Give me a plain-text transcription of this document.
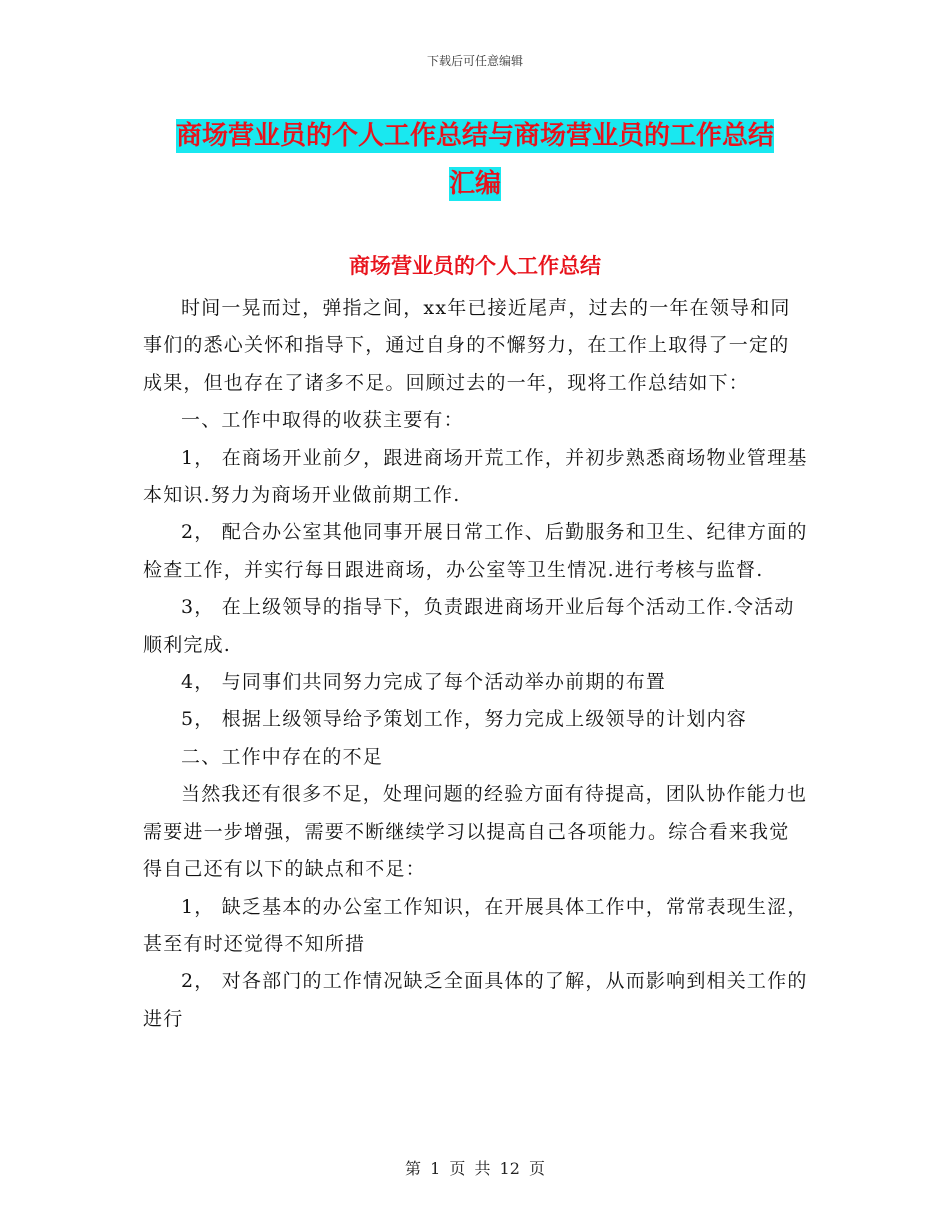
下载后可任意编辑
商场营业员的个人工作总结与商场营业员的工作总结
汇编
商场营业员的个人工作总结

时间一晃而过，弹指之间，xx年已接近尾声，过去的一年在领导和同事们的悉心关怀和指导下，通过自身的不懈努力，在工作上取得了一定的成果，但也存在了诸多不足。回顾过去的一年，现将工作总结如下：

一、工作中取得的收获主要有：

1， 在商场开业前夕，跟进商场开荒工作，并初步熟悉商场物业管理基本知识.努力为商场开业做前期工作.

2， 配合办公室其他同事开展日常工作、后勤服务和卫生、纪律方面的检查工作，并实行每日跟进商场，办公室等卫生情况.进行考核与监督.

3， 在上级领导的指导下，负责跟进商场开业后每个活动工作.令活动顺利完成.

4， 与同事们共同努力完成了每个活动举办前期的布置

5， 根据上级领导给予策划工作，努力完成上级领导的计划内容

二、工作中存在的不足

当然我还有很多不足，处理问题的经验方面有待提高，团队协作能力也需要进一步增强，需要不断继续学习以提高自己各项能力。综合看来我觉得自己还有以下的缺点和不足：

1， 缺乏基本的办公室工作知识，在开展具体工作中，常常表现生涩，甚至有时还觉得不知所措

2， 对各部门的工作情况缺乏全面具体的了解，从而影响到相关工作的进行

第 1 页 共 12 页
